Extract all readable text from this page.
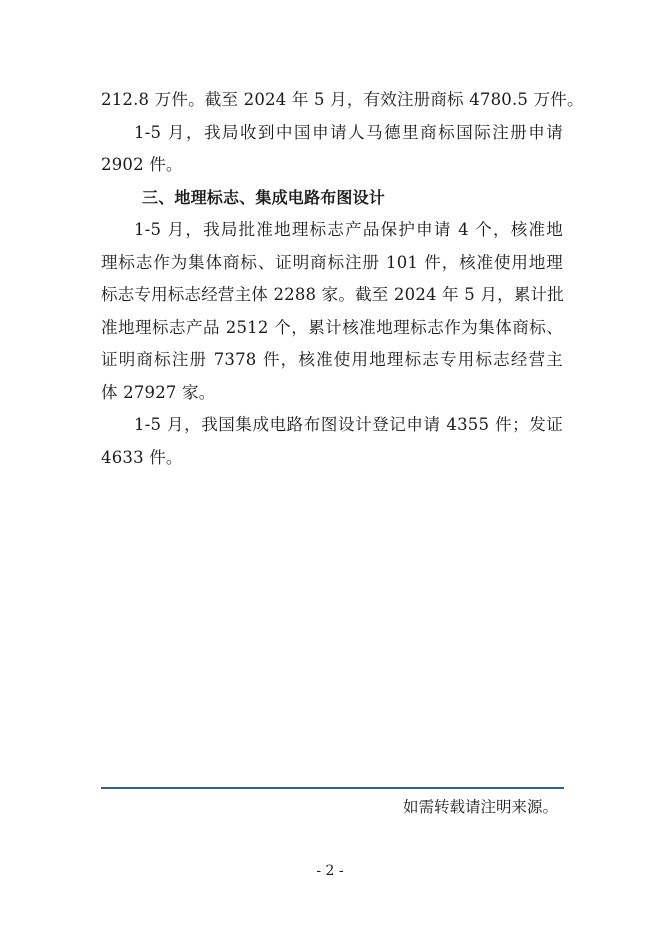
212.8 万件。截至 2024 年 5 月，有效注册商标 4780.5 万件。
1-5 月，我局收到中国申请人马德里商标国际注册申请
2902 件。
三、地理标志、集成电路布图设计
1-5 月，我局批准地理标志产品保护申请 4 个，核准地
理标志作为集体商标、证明商标注册 101 件，核准使用地理
标志专用标志经营主体 2288 家。截至 2024 年 5 月，累计批
准地理标志产品 2512 个，累计核准地理标志作为集体商标、
证明商标注册 7378 件，核准使用地理标志专用标志经营主
体 27927 家。
1-5 月，我国集成电路布图设计登记申请 4355 件；发证
4633 件。
如需转载请注明来源。
- 2 -
